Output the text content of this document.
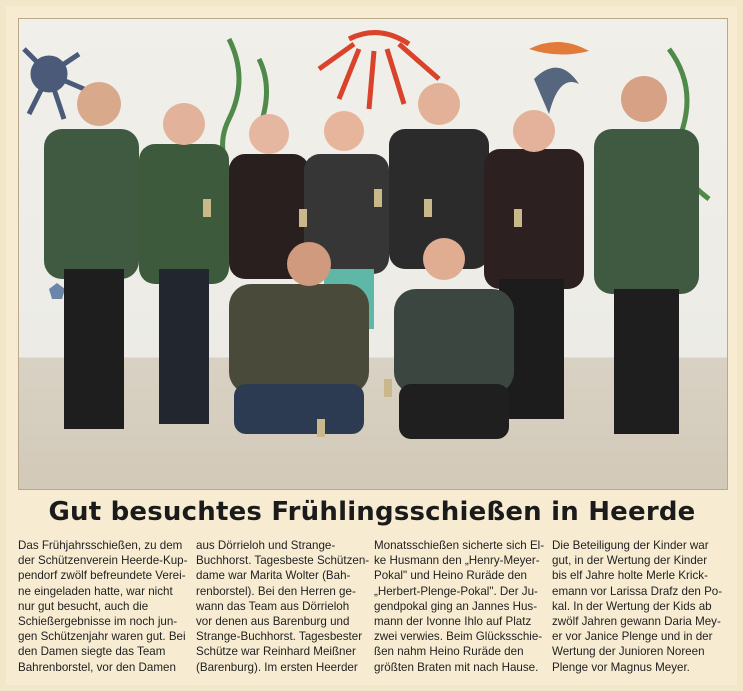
Gut besuchtes Frühlingsschießen in Heerde
Das Frühjahrsschießen, zu dem
der Schützenverein Heerde-Kup-
pendorf zwölf befreundete Verei-
ne eingeladen hatte, war nicht
nur gut besucht, auch die
Schießergebnisse im noch jun-
gen Schützenjahr waren gut. Bei
den Damen siegte das Team
Bahrenborstel, vor den Damen
aus Dörrieloh und Strange-
Buchhorst. Tagesbeste Schützen-
dame war Marita Wolter (Bah-
renborstel). Bei den Herren ge-
wann das Team aus Dörrieloh
vor denen aus Barenburg und
Strange-Buchhorst. Tagesbester
Schütze war Reinhard Meißner
(Barenburg). Im ersten Heerder
Monatsschießen sicherte sich El-
ke Husmann den „Henry-Meyer-
Pokal" und Heino Ruräde den
„Herbert-Plenge-Pokal". Der Ju-
gendpokal ging an Jannes Hus-
mann der Ivonne Ihlo auf Platz
zwei verwies. Beim Glücksschie-
ßen nahm Heino Ruräde den
größten Braten mit nach Hause.
Die Beteiligung der Kinder war
gut, in der Wertung der Kinder
bis elf Jahre holte Merle Krick-
emann vor Larissa Drafz den Po-
kal. In der Wertung der Kids ab
zwölf Jahren gewann Daria Mey-
er vor Janice Plenge und in der
Wertung der Junioren Noreen
Plenge vor Magnus Meyer.
